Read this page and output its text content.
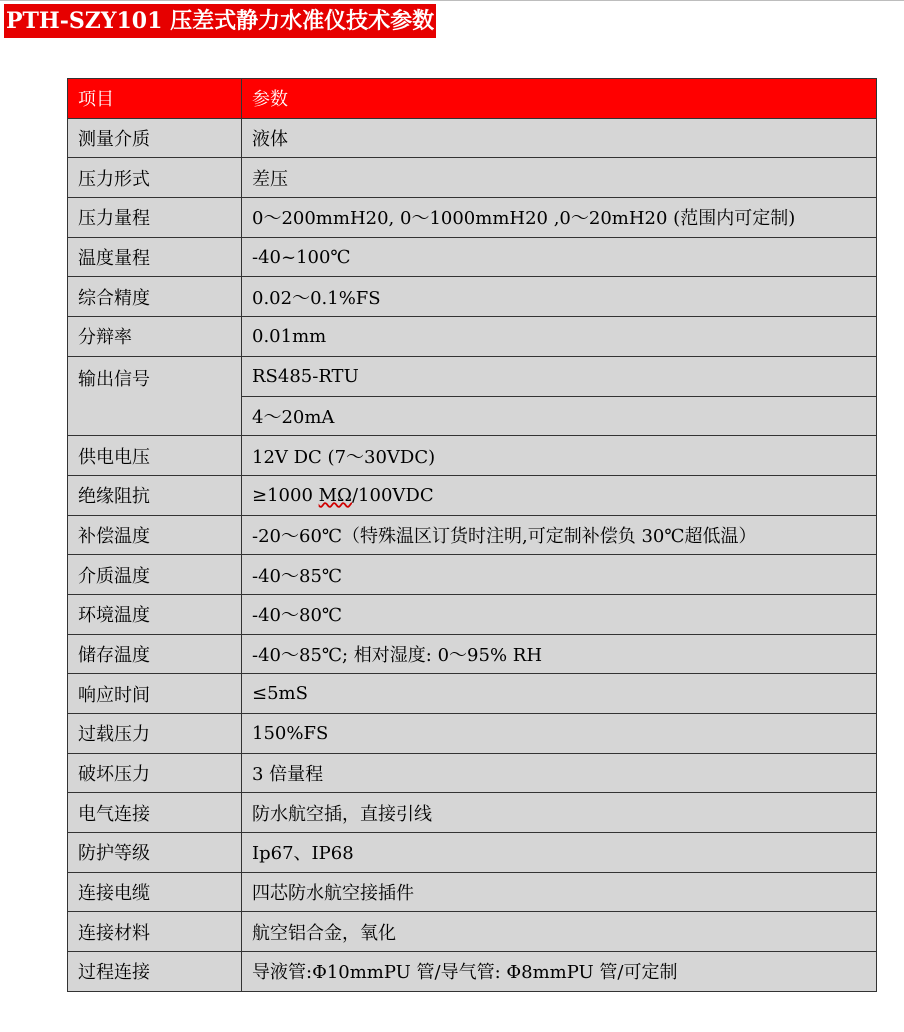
PTH-SZY101 压差式静力水准仪技术参数
项目	参数
测量介质	液体
压力形式	差压
压力量程	0～200mmH20, 0～1000mmH20 ,0～20mH20 (范围内可定制)
温度量程	-40~100℃
综合精度	0.02～0.1%FS
分辩率	0.01mm
输出信号	RS485-RTU
	4～20mA
供电电压	12V DC (7～30VDC)
绝缘阻抗	≥1000 MΩ/100VDC
补偿温度	-20～60℃（特殊温区订货时注明,可定制补偿负 30℃超低温）
介质温度	-40～85℃
环境温度	-40～80℃
储存温度	-40～85℃; 相对湿度: 0～95% RH
响应时间	≤5mS
过载压力	150%FS
破坏压力	3 倍量程
电气连接	防水航空插，直接引线
防护等级	Ip67、IP68
连接电缆	四芯防水航空接插件
连接材料	航空铝合金，氧化
过程连接	导液管:Φ10mmPU 管/导气管: Φ8mmPU 管/可定制
